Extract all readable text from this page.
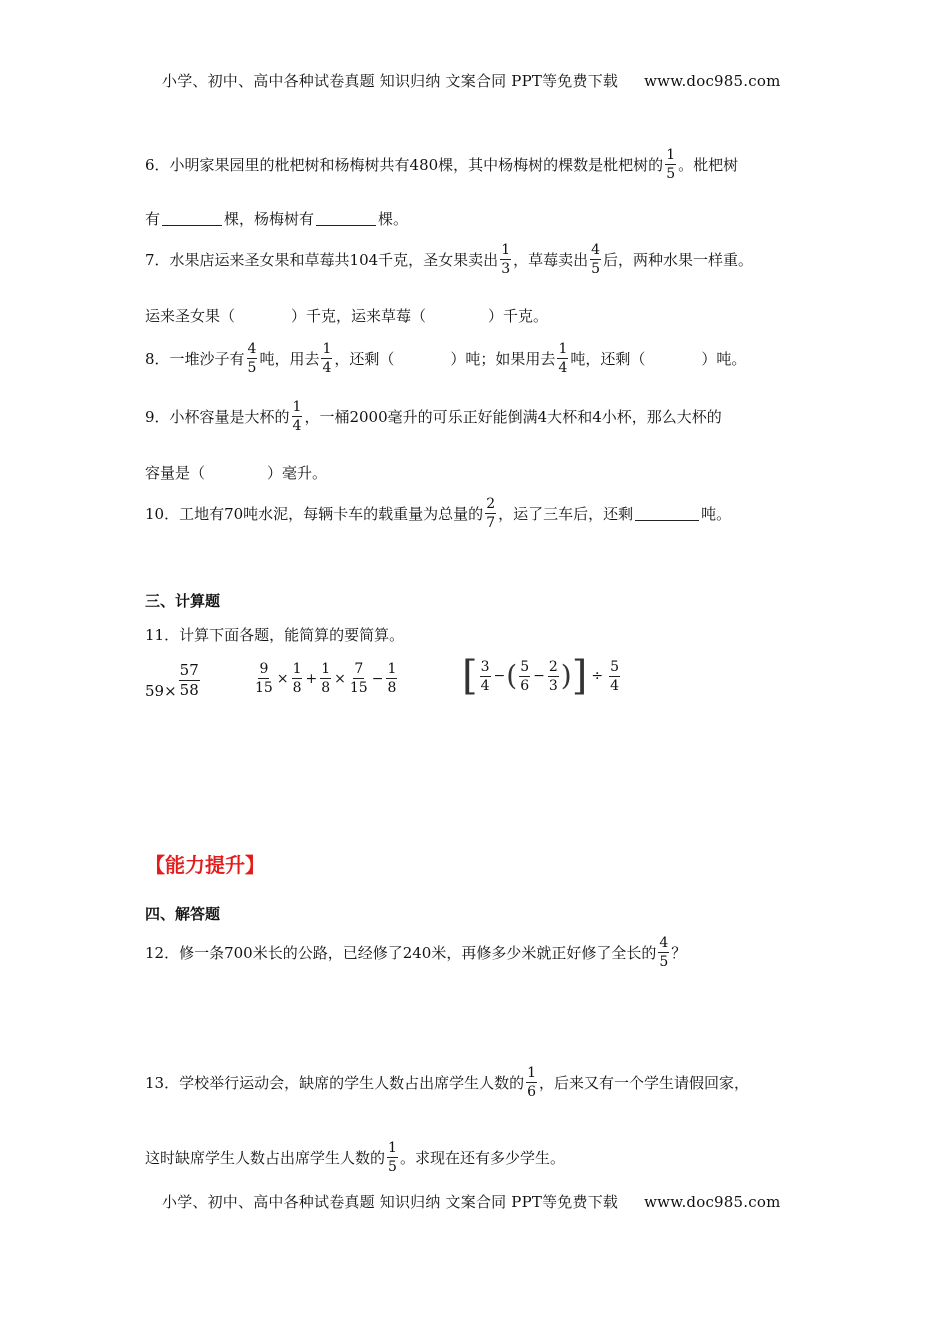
小学、初中、高中各种试卷真题 知识归纳 文案合同 PPT等免费下载 www.doc985.com
6．小明家果园里的枇杷树和杨梅树共有480棵，其中杨梅树的棵数是枇杷树的 $\frac{1}{5}$ 。枇杷树
有	棵，杨梅树有	棵。
7．水果店运来圣女果和草莓共104千克，圣女果卖出 $\frac{1}{3}$ ，草莓卖出 $\frac{4}{5}$ 后，两种水果一样重。
运来圣女果（	）千克，运来草莓（	）千克。
8．一堆沙子有 $\frac{4}{5}$ 吨，用去 $\frac{1}{4}$ ，还剩（	）吨；如果用去 $\frac{1}{4}$ 吨，还剩（	）吨。
9．小杯容量是大杯的 $\frac{1}{4}$ ，一桶2000毫升的可乐正好能倒满4大杯和4小杯，那么大杯的
容量是（	）毫升。
10．工地有70吨水泥，每辆卡车的载重量为总量的 $\frac{2}{7}$ ，运了三车后，还剩	吨。
三、计算题
11．计算下面各题，能简算的要简算。
$59\times \frac{57}{58}$	$\frac{9}{15} \times \frac{1}{8} + \frac{1}{8} \times \frac{7}{15} - \frac{1}{8}$ [ $\frac{3}{4}$ − ( $\frac{5}{6} - \frac{2}{3}$ ) ] ÷ $\frac{5}{4}$
【能力提升】
四、解答题
12．修一条700米长的公路，已经修了240米，再修多少米就正好修了全长的 $\frac{4}{5}$ ？
13．学校举行运动会，缺席的学生人数占出席学生人数的 $\frac{1}{6}$ ，后来又有一个学生请假回家，
这时缺席学生人数占出席学生人数的 $\frac{1}{5}$ 。求现在还有多少学生。
小学、初中、高中各种试卷真题 知识归纳 文案合同 PPT等免费下载 www.doc985.com
